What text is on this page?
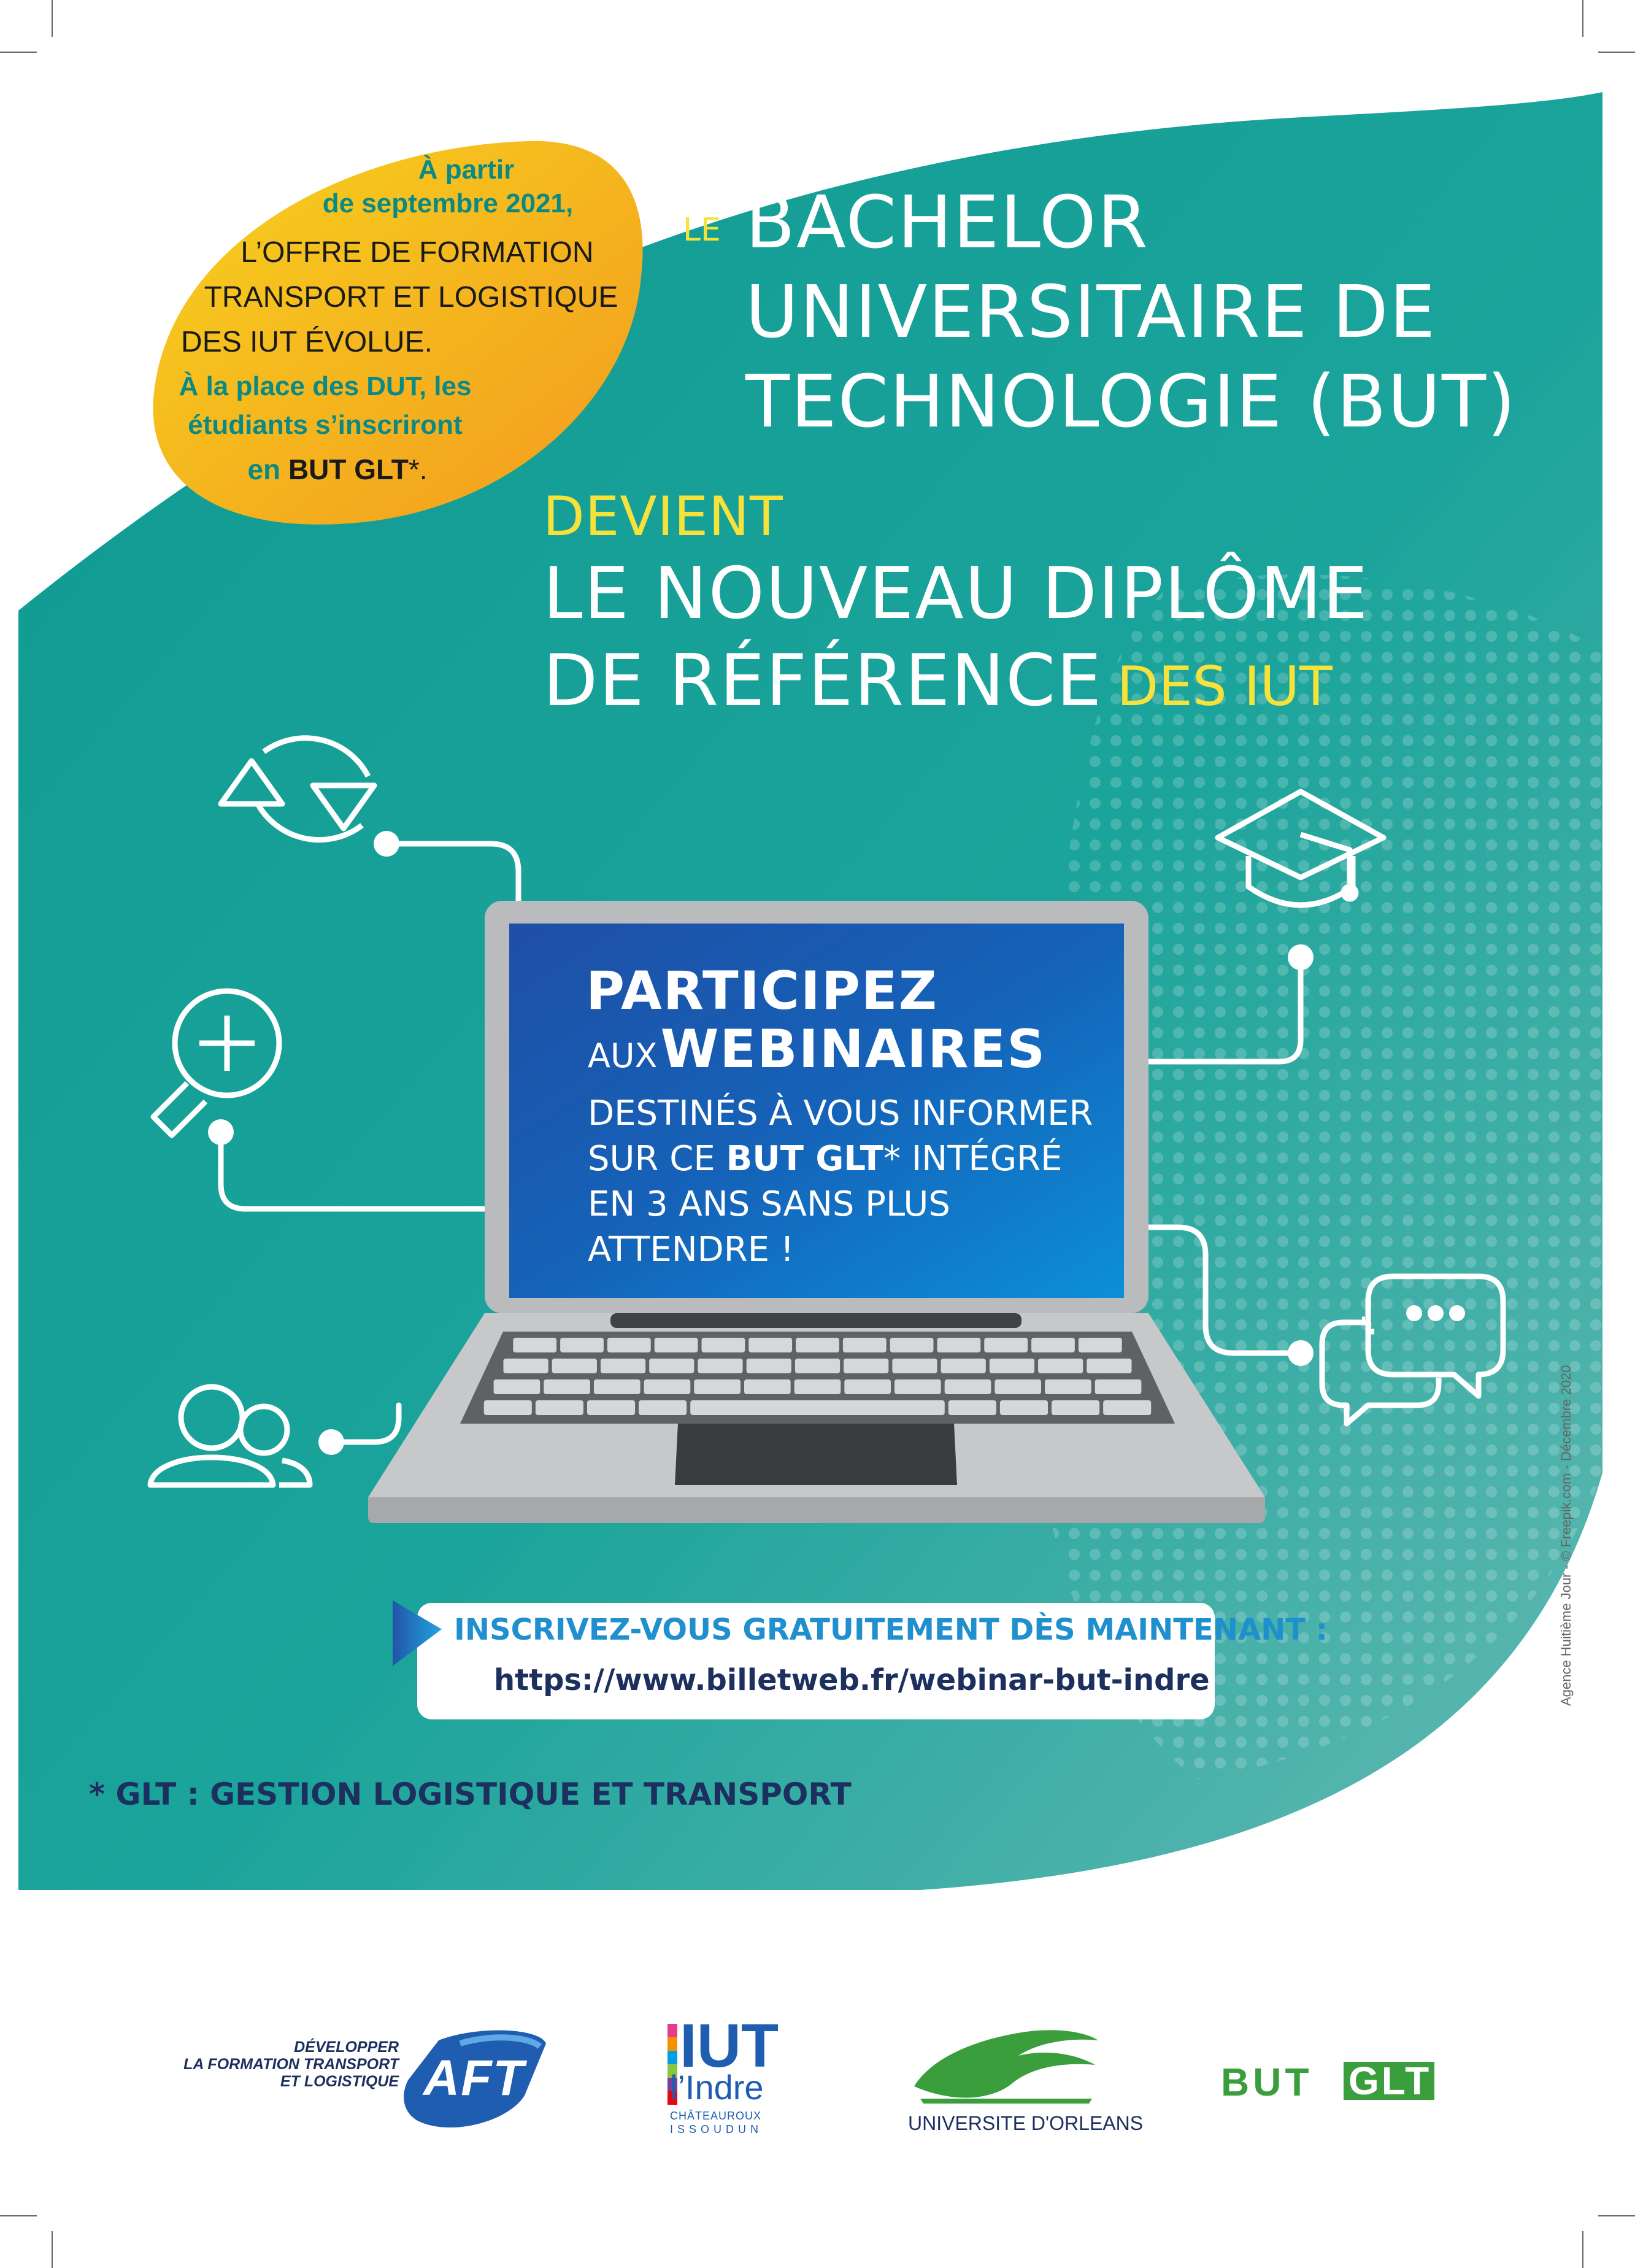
À partir
de septembre 2021,
L’OFFRE DE FORMATION
TRANSPORT ET LOGISTIQUE
DES IUT ÉVOLUE.
À la place des DUT, les
étudiants s’inscriront
en BUT GLT*.
LE BACHELOR
UNIVERSITAIRE DE
TECHNOLOGIE (BUT)
DEVIENT
LE NOUVEAU DIPLÔME
DE RÉFÉRENCE DES IUT
PARTICIPEZ
AUX WEBINAIRES
DESTINÉS À VOUS INFORMER
SUR CE BUT GLT* INTÉGRÉ
EN 3 ANS SANS PLUS
ATTENDRE !
INSCRIVEZ-VOUS GRATUITEMENT DÈS MAINTENANT :
https://www.billetweb.fr/webinar-but-indre
* GLT : GESTION LOGISTIQUE ET TRANSPORT
Agence Huitième Jour - © Freepik.com - Décembre 2020
DÉVELOPPER
LA FORMATION TRANSPORT
ET LOGISTIQUE AFT	IUT
l’Indre
CHÂTEAUROUX
ISSOUDUN	UNIVERSITE D'ORLEANS
BUT GLT
